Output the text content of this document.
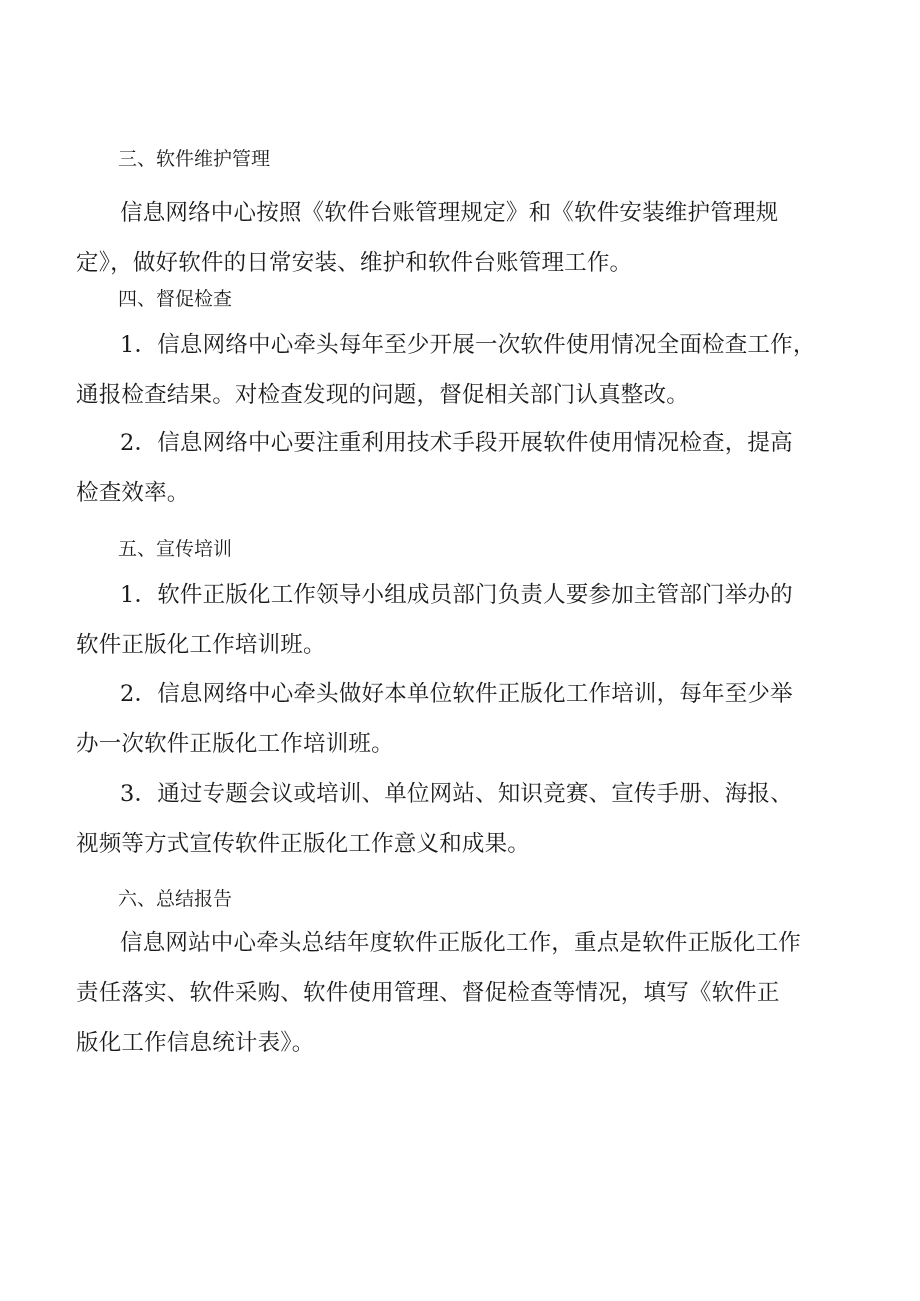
三、软件维护管理
信息网络中心按照《软件台账管理规定》和《软件安装维护管理规
定》，做好软件的日常安装、维护和软件台账管理工作。
四、督促检查
1．信息网络中心牵头每年至少开展一次软件使用情况全面检查工作，
通报检查结果。对检查发现的问题，督促相关部门认真整改。
2．信息网络中心要注重利用技术手段开展软件使用情况检查，提高
检查效率。
五、宣传培训
1．软件正版化工作领导小组成员部门负责人要参加主管部门举办的
软件正版化工作培训班。
2．信息网络中心牵头做好本单位软件正版化工作培训，每年至少举
办一次软件正版化工作培训班。
3．通过专题会议或培训、单位网站、知识竞赛、宣传手册、海报、
视频等方式宣传软件正版化工作意义和成果。
六、总结报告
信息网站中心牵头总结年度软件正版化工作，重点是软件正版化工作
责任落实、软件采购、软件使用管理、督促检查等情况，填写《软件正
版化工作信息统计表》。
